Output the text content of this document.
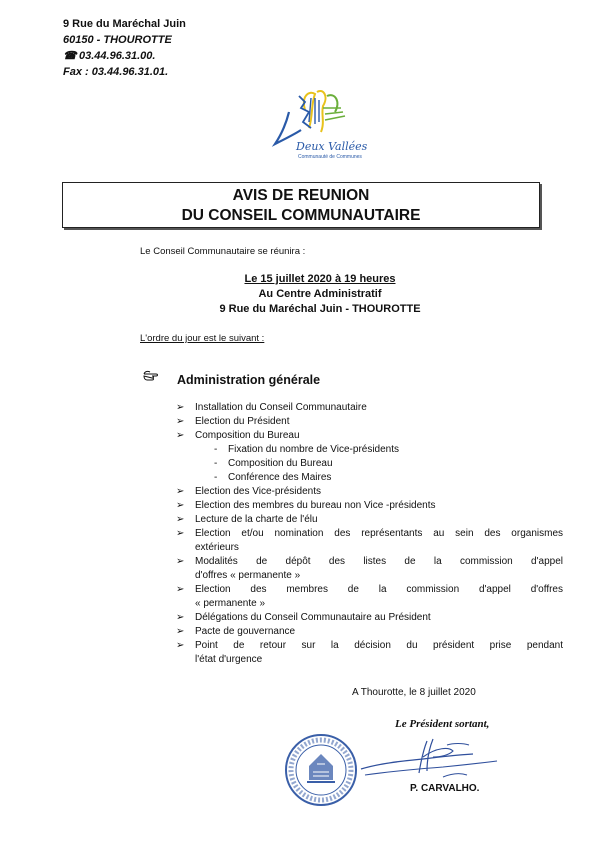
9 Rue du Maréchal Juin
60150 - THOUROTTE
☎ 03.44.96.31.00.
Fax : 03.44.96.31.01.
Deux Vallées
Communauté de Communes
AVIS DE REUNION
DU CONSEIL COMMUNAUTAIRE
Le Conseil Communautaire se réunira :
Le 15 juillet 2020 à 19 heures
Au Centre Administratif
9 Rue du Maréchal Juin - THOUROTTE
L'ordre du jour est le suivant :
Administration générale
➢ Installation du Conseil Communautaire
➢ Election du Président
➢ Composition du Bureau
- Fixation du nombre de Vice-présidents
- Composition du Bureau
- Conférence des Maires
➢ Election des Vice-présidents
➢ Election des membres du bureau non Vice -présidents
➢ Lecture de la charte de l'élu
➢ Election et/ou nomination des représentants au sein des organismes
extérieurs
➢ Modalités de dépôt des listes de la commission d'appel
d'offres « permanente »
➢ Election des membres de la commission d'appel d'offres
« permanente »
➢ Délégations du Conseil Communautaire au Président
➢ Pacte de gouvernance
➢ Point de retour sur la décision du président prise pendant
l'état d'urgence
A Thourotte, le 8 juillet 2020
Le Président sortant,
P. CARVALHO.
